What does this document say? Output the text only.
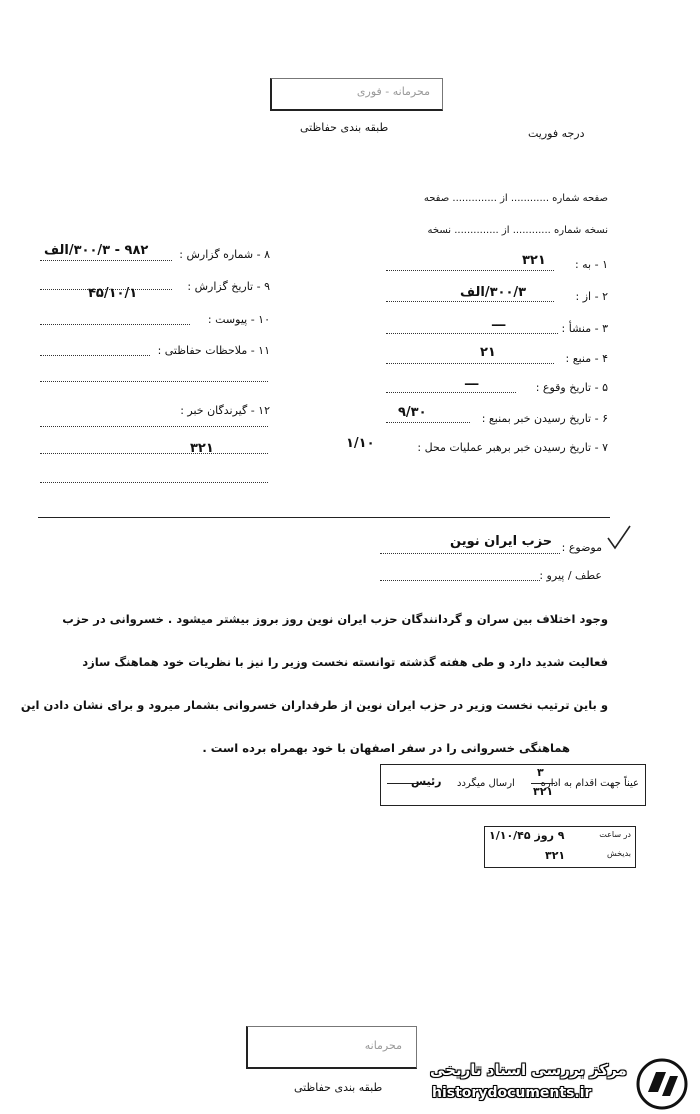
محرمانه - فوری
طبقه بندی حفاظتی	درجه فوریت
صفحه شماره ............ از .............. صفحه
نسخه شماره ............ از .............. نسخه
۱ - به :
۳۲۱
۲ - از :
۳۰۰/۳/الف
۳ - منشأ :
ـــ
۴ - منبع :
۲۱
۵ - تاریخ وقوع :
ـــ
۶ - تاریخ رسیدن خبر بمنبع :
۹/۳۰
۷ - تاریخ رسیدن خبر برهبر عملیات محل :
۱/۱۰
۸ - شماره گزارش :
۹۸۲ - ۳۰۰/۳/الف
۹ - تاریخ گزارش :
۴۵/۱۰/۱
۱۰ - پیوست :
۱۱ - ملاحظات حفاظتی :
۱۲ - گیرندگان خبر :
۳۲۱
موضوع :
حزب ایران نوین
عطف / پیرو :
وجود اختلاف بین سران و گردانندگان حزب ایران نوین روز بروز بیشتر میشود . خسروانی در حزب
فعالیت شدید دارد و طی هفته گذشته توانسته نخست وزیر را نیز با نظریات خود هماهنگ سازد
و باین ترتیب نخست وزیر در حزب ایران نوین از طرفداران خسروانی بشمار میرود و برای نشان دادن این
هماهنگی خسروانی را در سفر اصفهان با خود بهمراه برده است .
عیناً جهت اقدام به اداره
۳
۳۲۱
ارسال میگردد
رئیس
در ساعت
۹ روز ۱/۱۰/۴۵
بدیخش
۳۲۱
محرمانه
طبقه بندی حفاظتی
مرکز بررسی اسناد تاریخی
historydocuments.ir
